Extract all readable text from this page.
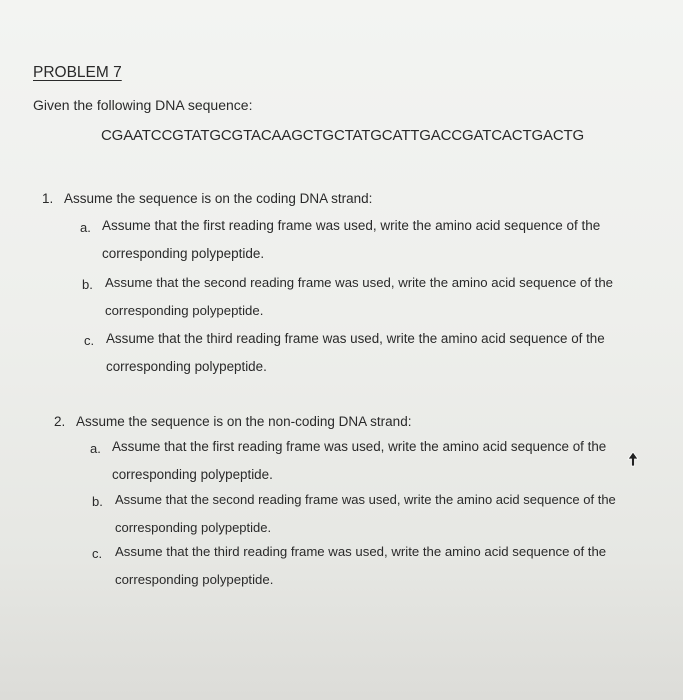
PROBLEM 7
Given the following DNA sequence:
CGAATCCGTATGCGTACAAGCTGCTATGCATTGACCGATCACTGACTG
1. Assume the sequence is on the coding DNA strand:
a. Assume that the first reading frame was used, write the amino acid sequence of the
corresponding polypeptide.
b. Assume that the second reading frame was used, write the amino acid sequence of the
corresponding polypeptide.
c. Assume that the third reading frame was used, write the amino acid sequence of the
corresponding polypeptide.
2. Assume the sequence is on the non-coding DNA strand:
a. Assume that the first reading frame was used, write the amino acid sequence of the
corresponding polypeptide.
b. Assume that the second reading frame was used, write the amino acid sequence of the
corresponding polypeptide.
c. Assume that the third reading frame was used, write the amino acid sequence of the
corresponding polypeptide.
